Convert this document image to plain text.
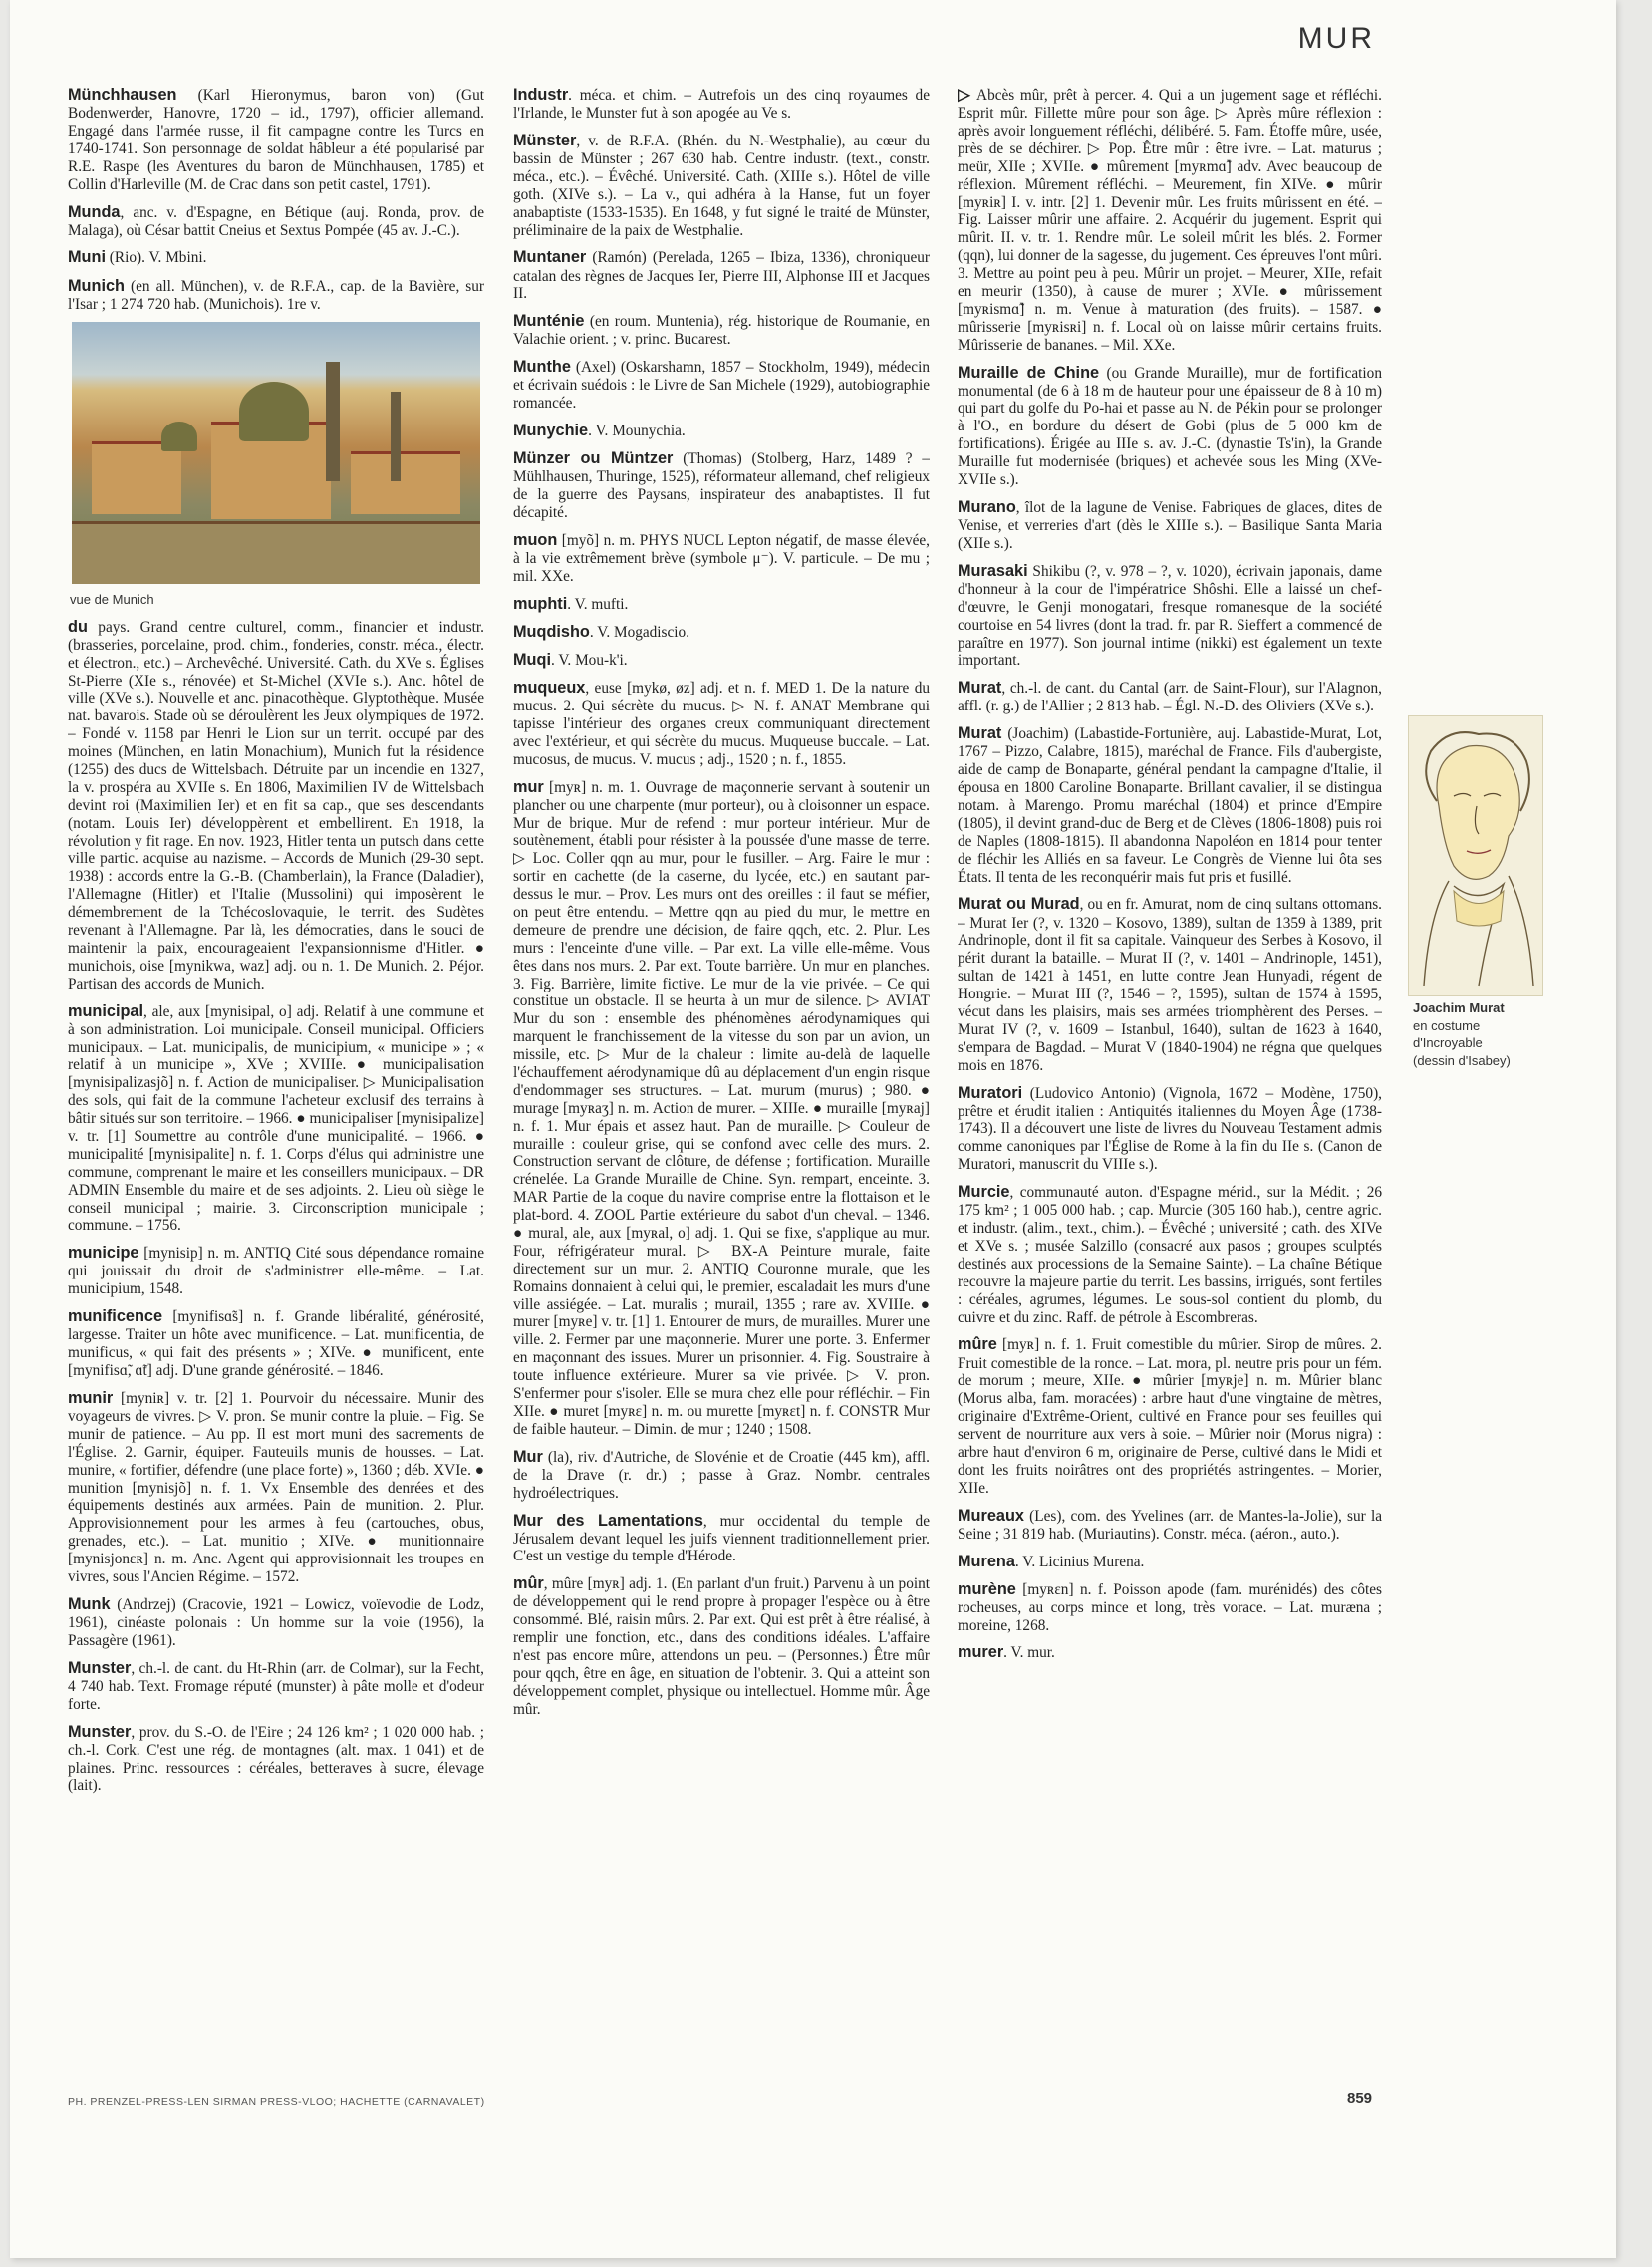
MUR

Münchhausen (Karl Hieronymus, baron von) (Gut Bodenwerder, Hanovre, 1720 – id., 1797), officier allemand. Engagé dans l'armée russe, il fit campagne contre les Turcs en 1740-1741. Son personnage de soldat hâbleur a été popularisé par R.E. Raspe (les Aventures du baron de Münchhausen, 1785) et Collin d'Harleville (M. de Crac dans son petit castel, 1791).

Munda, anc. v. d'Espagne, en Bétique (auj. Ronda, prov. de Malaga), où César battit Cneius et Sextus Pompée (45 av. J.-C.).

Muni (Rio). V. Mbini.

Munich (en all. München), v. de R.F.A., cap. de la Bavière, sur l'Isar ; 1 274 720 hab. (Munichois). 1re v.

vue de Munich

du pays. Grand centre culturel, comm., financier et industr. (brasseries, porcelaine, prod. chim., fonderies, constr. méca., électr. et électron., etc.) – Archevêché. Université. Cath. du XVe s. Églises St-Pierre (XIe s., rénovée) et St-Michel (XVIe s.). Anc. hôtel de ville (XVe s.). Nouvelle et anc. pinacothèque. Glyptothèque. Musée nat. bavarois. Stade où se déroulèrent les Jeux olympiques de 1972. – Fondé v. 1158 par Henri le Lion sur un territ. occupé par des moines (München, en latin Monachium), Munich fut la résidence (1255) des ducs de Wittelsbach. Détruite par un incendie en 1327, la v. prospéra au XVIIe s. En 1806, Maximilien IV de Wittelsbach devint roi (Maximilien Ier) et en fit sa cap., que ses descendants (notam. Louis Ier) développèrent et embellirent. En 1918, la révolution y fit rage. En nov. 1923, Hitler tenta un putsch dans cette ville partic. acquise au nazisme. – Accords de Munich (29-30 sept. 1938) : accords entre la G.-B. (Chamberlain), la France (Daladier), l'Allemagne (Hitler) et l'Italie (Mussolini) qui imposèrent le démembrement de la Tchécoslovaquie, le territ. des Sudètes revenant à l'Allemagne. Par là, les démocraties, dans le souci de maintenir la paix, encourageaient l'expansionnisme d'Hitler. ● munichois, oise [mynikwa, waz] adj. ou n. 1. De Munich. 2. Péjor. Partisan des accords de Munich.

municipal, ale, aux [mynisipal, o] adj. Relatif à une commune et à son administration. Loi municipale. Conseil municipal. Officiers municipaux. – Lat. municipalis, de municipium, « municipe » ; « relatif à un municipe », XVe ; XVIIIe. ● municipalisation [mynisipalizasjõ] n. f. Action de municipaliser. ▷ Municipalisation des sols, qui fait de la commune l'acheteur exclusif des terrains à bâtir situés sur son territoire. – 1966. ● municipaliser [mynisipalize] v. tr. [1] Soumettre au contrôle d'une municipalité. – 1966. ● municipalité [mynisipalite] n. f. 1. Corps d'élus qui administre une commune, comprenant le maire et les conseillers municipaux. – DR ADMIN Ensemble du maire et de ses adjoints. 2. Lieu où siège le conseil municipal ; mairie. 3. Circonscription municipale ; commune. – 1756.

municipe [mynisip] n. m. ANTIQ Cité sous dépendance romaine qui jouissait du droit de s'administrer elle-même. – Lat. municipium, 1548.

munificence [mynifisɑ̃s] n. f. Grande libéralité, générosité, largesse. Traiter un hôte avec munificence. – Lat. munificentia, de munificus, « qui fait des présents » ; XIVe. ● munificent, ente [mynifisɑ̃, ɑ̃t] adj. D'une grande générosité. – 1846.

munir [myniʀ] v. tr. [2] 1. Pourvoir du nécessaire. Munir des voyageurs de vivres. ▷ V. pron. Se munir contre la pluie. – Fig. Se munir de patience. – Au pp. Il est mort muni des sacrements de l'Église. 2. Garnir, équiper. Fauteuils munis de housses. – Lat. munire, « fortifier, défendre (une place forte) », 1360 ; déb. XVIe. ● munition [mynisjõ] n. f. 1. Vx Ensemble des denrées et des équipements destinés aux armées. Pain de munition. 2. Plur. Approvisionnement pour les armes à feu (cartouches, obus, grenades, etc.). – Lat. munitio ; XIVe. ● munitionnaire [mynisjonɛʀ] n. m. Anc. Agent qui approvisionnait les troupes en vivres, sous l'Ancien Régime. – 1572.

Munk (Andrzej) (Cracovie, 1921 – Lowicz, voïevodie de Lodz, 1961), cinéaste polonais : Un homme sur la voie (1956), la Passagère (1961).

Munster, ch.-l. de cant. du Ht-Rhin (arr. de Colmar), sur la Fecht, 4 740 hab. Text. Fromage réputé (munster) à pâte molle et d'odeur forte.

Munster, prov. du S.-O. de l'Eire ; 24 126 km² ; 1 020 000 hab. ; ch.-l. Cork. C'est une rég. de montagnes (alt. max. 1 041) et de plaines. Princ. ressources : céréales, betteraves à sucre, élevage (lait).

Industr. méca. et chim. – Autrefois un des cinq royaumes de l'Irlande, le Munster fut à son apogée au Ve s.

Münster, v. de R.F.A. (Rhén. du N.-Westphalie), au cœur du bassin de Münster ; 267 630 hab. Centre industr. (text., constr. méca., etc.). – Évêché. Université. Cath. (XIIIe s.). Hôtel de ville goth. (XIVe s.). – La v., qui adhéra à la Hanse, fut un foyer anabaptiste (1533-1535). En 1648, y fut signé le traité de Münster, préliminaire de la paix de Westphalie.

Muntaner (Ramón) (Perelada, 1265 – Ibiza, 1336), chroniqueur catalan des règnes de Jacques Ier, Pierre III, Alphonse III et Jacques II.

Munténie (en roum. Muntenia), rég. historique de Roumanie, en Valachie orient. ; v. princ. Bucarest.

Munthe (Axel) (Oskarshamn, 1857 – Stockholm, 1949), médecin et écrivain suédois : le Livre de San Michele (1929), autobiographie romancée.

Munychie. V. Mounychia.

Münzer ou Müntzer (Thomas) (Stolberg, Harz, 1489 ? – Mühlhausen, Thuringe, 1525), réformateur allemand, chef religieux de la guerre des Paysans, inspirateur des anabaptistes. Il fut décapité.

muon [myõ] n. m. PHYS NUCL Lepton négatif, de masse élevée, à la vie extrêmement brève (symbole μ⁻). V. particule. – De mu ; mil. XXe.

muphti. V. mufti.

Muqdisho. V. Mogadiscio.

Muqi. V. Mou-k'i.

muqueux, euse [mykø, øz] adj. et n. f. MED 1. De la nature du mucus. 2. Qui sécrète du mucus. ▷ N. f. ANAT Membrane qui tapisse l'intérieur des organes creux communiquant directement avec l'extérieur, et qui sécrète du mucus. Muqueuse buccale. – Lat. mucosus, de mucus. V. mucus ; adj., 1520 ; n. f., 1855.

mur [myʀ] n. m. 1. Ouvrage de maçonnerie servant à soutenir un plancher ou une charpente (mur porteur), ou à cloisonner un espace. Mur de brique. Mur de refend : mur porteur intérieur. Mur de soutènement, établi pour résister à la poussée d'une masse de terre. ▷ Loc. Coller qqn au mur, pour le fusiller. – Arg. Faire le mur : sortir en cachette (de la caserne, du lycée, etc.) en sautant par-dessus le mur. – Prov. Les murs ont des oreilles : il faut se méfier, on peut être entendu. – Mettre qqn au pied du mur, le mettre en demeure de prendre une décision, de faire qqch, etc. 2. Plur. Les murs : l'enceinte d'une ville. – Par ext. La ville elle-même. Vous êtes dans nos murs. 2. Par ext. Toute barrière. Un mur en planches. 3. Fig. Barrière, limite fictive. Le mur de la vie privée. – Ce qui constitue un obstacle. Il se heurta à un mur de silence. ▷ AVIAT Mur du son : ensemble des phénomènes aérodynamiques qui marquent le franchissement de la vitesse du son par un avion, un missile, etc. ▷ Mur de la chaleur : limite au-delà de laquelle l'échauffement aérodynamique dû au déplacement d'un engin risque d'endommager ses structures. – Lat. murum (murus) ; 980. ● murage [myʀaʒ] n. m. Action de murer. – XIIIe. ● muraille [myʀaj] n. f. 1. Mur épais et assez haut. Pan de muraille. ▷ Couleur de muraille : couleur grise, qui se confond avec celle des murs. 2. Construction servant de clôture, de défense ; fortification. Muraille crénelée. La Grande Muraille de Chine. Syn. rempart, enceinte. 3. MAR Partie de la coque du navire comprise entre la flottaison et le plat-bord. 4. ZOOL Partie extérieure du sabot d'un cheval. – 1346. ● mural, ale, aux [myʀal, o] adj. 1. Qui se fixe, s'applique au mur. Four, réfrigérateur mural. ▷ BX-A Peinture murale, faite directement sur un mur. 2. ANTIQ Couronne murale, que les Romains donnaient à celui qui, le premier, escaladait les murs d'une ville assiégée. – Lat. muralis ; murail, 1355 ; rare av. XVIIIe. ● murer [myʀe] v. tr. [1] 1. Entourer de murs, de murailles. Murer une ville. 2. Fermer par une maçonnerie. Murer une porte. 3. Enfermer en maçonnant des issues. Murer un prisonnier. 4. Fig. Soustraire à toute influence extérieure. Murer sa vie privée. ▷ V. pron. S'enfermer pour s'isoler. Elle se mura chez elle pour réfléchir. – Fin XIIe. ● muret [myʀɛ] n. m. ou murette [myʀɛt] n. f. CONSTR Mur de faible hauteur. – Dimin. de mur ; 1240 ; 1508.

Mur (la), riv. d'Autriche, de Slovénie et de Croatie (445 km), affl. de la Drave (r. dr.) ; passe à Graz. Nombr. centrales hydroélectriques.

Mur des Lamentations, mur occidental du temple de Jérusalem devant lequel les juifs viennent traditionnellement prier. C'est un vestige du temple d'Hérode.

mûr, mûre [myʀ] adj. 1. (En parlant d'un fruit.) Parvenu à un point de développement qui le rend propre à propager l'espèce ou à être consommé. Blé, raisin mûrs. 2. Par ext. Qui est prêt à être réalisé, à remplir une fonction, etc., dans des conditions idéales. L'affaire n'est pas encore mûre, attendons un peu. – (Personnes.) Être mûr pour qqch, être en âge, en situation de l'obtenir. 3. Qui a atteint son développement complet, physique ou intellectuel. Homme mûr. Âge mûr.

▷ Abcès mûr, prêt à percer. 4. Qui a un jugement sage et réfléchi. Esprit mûr. Fillette mûre pour son âge. ▷ Après mûre réflexion : après avoir longuement réfléchi, délibéré. 5. Fam. Étoffe mûre, usée, près de se déchirer. ▷ Pop. Être mûr : être ivre. – Lat. maturus ; meür, XIIe ; XVIIe. ● mûrement [myʀmɑ̃] adv. Avec beaucoup de réflexion. Mûrement réfléchi. – Meurement, fin XIVe. ● mûrir [myʀiʀ] I. v. intr. [2] 1. Devenir mûr. Les fruits mûrissent en été. – Fig. Laisser mûrir une affaire. 2. Acquérir du jugement. Esprit qui mûrit. II. v. tr. 1. Rendre mûr. Le soleil mûrit les blés. 2. Former (qqn), lui donner de la sagesse, du jugement. Ces épreuves l'ont mûri. 3. Mettre au point peu à peu. Mûrir un projet. – Meurer, XIIe, refait en meurir (1350), à cause de murer ; XVIe. ● mûrissement [myʀismɑ̃] n. m. Venue à maturation (des fruits). – 1587. ● mûrisserie [myʀisʀi] n. f. Local où on laisse mûrir certains fruits. Mûrisserie de bananes. – Mil. XXe.

Muraille de Chine (ou Grande Muraille), mur de fortification monumental (de 6 à 18 m de hauteur pour une épaisseur de 8 à 10 m) qui part du golfe du Po-hai et passe au N. de Pékin pour se prolonger à l'O., en bordure du désert de Gobi (plus de 5 000 km de fortifications). Érigée au IIIe s. av. J.-C. (dynastie Ts'in), la Grande Muraille fut modernisée (briques) et achevée sous les Ming (XVe-XVIIe s.).

Murano, îlot de la lagune de Venise. Fabriques de glaces, dites de Venise, et verreries d'art (dès le XIIIe s.). – Basilique Santa Maria (XIIe s.).

Murasaki Shikibu (?, v. 978 – ?, v. 1020), écrivain japonais, dame d'honneur à la cour de l'impératrice Shôshi. Elle a laissé un chef-d'œuvre, le Genji monogatari, fresque romanesque de la société courtoise en 54 livres (dont la trad. fr. par R. Sieffert a commencé de paraître en 1977). Son journal intime (nikki) est également un texte important.

Murat, ch.-l. de cant. du Cantal (arr. de Saint-Flour), sur l'Alagnon, affl. (r. g.) de l'Allier ; 2 813 hab. – Égl. N.-D. des Oliviers (XVe s.).

Murat (Joachim) (Labastide-Fortunière, auj. Labastide-Murat, Lot, 1767 – Pizzo, Calabre, 1815), maréchal de France. Fils d'aubergiste, aide de camp de Bonaparte, général pendant la campagne d'Italie, il épousa en 1800 Caroline Bonaparte. Brillant cavalier, il se distingua notam. à Marengo. Promu maréchal (1804) et prince d'Empire (1805), il devint grand-duc de Berg et de Clèves (1806-1808) puis roi de Naples (1808-1815). Il abandonna Napoléon en 1814 pour tenter de fléchir les Alliés en sa faveur. Le Congrès de Vienne lui ôta ses États. Il tenta de les reconquérir mais fut pris et fusillé.

Murat ou Murad, ou en fr. Amurat, nom de cinq sultans ottomans. – Murat Ier (?, v. 1320 – Kosovo, 1389), sultan de 1359 à 1389, prit Andrinople, dont il fit sa capitale. Vainqueur des Serbes à Kosovo, il périt durant la bataille. – Murat II (?, v. 1401 – Andrinople, 1451), sultan de 1421 à 1451, en lutte contre Jean Hunyadi, régent de Hongrie. – Murat III (?, 1546 – ?, 1595), sultan de 1574 à 1595, vécut dans les plaisirs, mais ses armées triomphèrent des Perses. – Murat IV (?, v. 1609 – Istanbul, 1640), sultan de 1623 à 1640, s'empara de Bagdad. – Murat V (1840-1904) ne régna que quelques mois en 1876.

Muratori (Ludovico Antonio) (Vignola, 1672 – Modène, 1750), prêtre et érudit italien : Antiquités italiennes du Moyen Âge (1738-1743). Il a découvert une liste de livres du Nouveau Testament admis comme canoniques par l'Église de Rome à la fin du IIe s. (Canon de Muratori, manuscrit du VIIIe s.).

Murcie, communauté auton. d'Espagne mérid., sur la Médit. ; 26 175 km² ; 1 005 000 hab. ; cap. Murcie (305 160 hab.), centre agric. et industr. (alim., text., chim.). – Évêché ; université ; cath. des XIVe et XVe s. ; musée Salzillo (consacré aux pasos ; groupes sculptés destinés aux processions de la Semaine Sainte). – La chaîne Bétique recouvre la majeure partie du territ. Les bassins, irrigués, sont fertiles : céréales, agrumes, légumes. Le sous-sol contient du plomb, du cuivre et du zinc. Raff. de pétrole à Escombreras.

mûre [myʀ] n. f. 1. Fruit comestible du mûrier. Sirop de mûres. 2. Fruit comestible de la ronce. – Lat. mora, pl. neutre pris pour un fém. de morum ; meure, XIIe. ● mûrier [myʀje] n. m. Mûrier blanc (Morus alba, fam. moracées) : arbre haut d'une vingtaine de mètres, originaire d'Extrême-Orient, cultivé en France pour ses feuilles qui servent de nourriture aux vers à soie. – Mûrier noir (Morus nigra) : arbre haut d'environ 6 m, originaire de Perse, cultivé dans le Midi et dont les fruits noirâtres ont des propriétés astringentes. – Morier, XIIe.

Mureaux (Les), com. des Yvelines (arr. de Mantes-la-Jolie), sur la Seine ; 31 819 hab. (Muriautins). Constr. méca. (aéron., auto.).

Murena. V. Licinius Murena.

murène [myʀɛn] n. f. Poisson apode (fam. murénidés) des côtes rocheuses, au corps mince et long, très vorace. – Lat. muræna ; moreine, 1268.

murer. V. mur.

Joachim Murat
en costume
d'Incroyable
(dessin d'Isabey)
PH. PRENZEL-PRESS-LEN SIRMAN PRESS-VLOO; HACHETTE (CARNAVALET)	859
